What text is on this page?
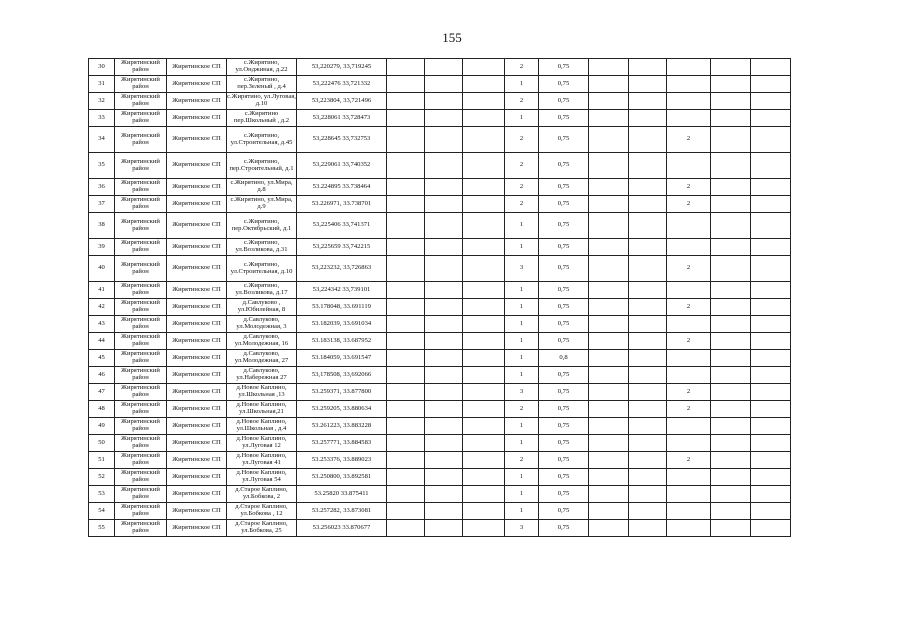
155
30	Жирятинский район	Жирятинское СП	с.Жирятино, ул.Онджиная, д.22	53,220279, 33,719245				2	0,75					
31	Жирятинский район	Жирятинское СП	с.Жирятино, пер.Зеленый , д.4	53,222476 33,721332				1	0,75					
32	Жирятинский район	Жирятинское СП	с.Жирятино, ул.Луговая, д.10	53,223804, 33,721496				2	0,75					
33	Жирятинский район	Жирятинское СП	с.Жирятино пер.Школьный , д.2	53,228061 33,728473				1	0,75					
34	Жирятинский район	Жирятинское СП	с.Жирятино, ул.Строительная, д.45	53,228645 33,732753				2	0,75			2		
35	Жирятинский район	Жирятинское СП	с.Жирятино, пер.Строительный, д.1	53,229061 33,740352				2	0,75					
36	Жирятинский район	Жирятинское СП	с.Жирятино, ул.Мира, д.8	53.224895 33.738464				2	0,75			2		
37	Жирятинский район	Жирятинское СП	с.Жирятино, ул.Мира, д.9	53.226971, 33.738701				2	0,75			2		
38	Жирятинский район	Жирятинское СП	с.Жирятино, пер.Октябрьский, д.1	53,225406 33,741371				1	0,75					
39	Жирятинский район	Жирятинское СП	с.Жирятино, ул.Возликова, д.31	53,225659 33,742215				1	0,75					
40	Жирятинский район	Жирятинское СП	с.Жирятино, ул.Строительная, д.10	53,223232, 33,726863				3	0,75			2		
41	Жирятинский район	Жирятинское СП	с.Жирятино, ул.Возликова, д.17	53,224342 33,739101				1	0,75					
42	Жирятинский район	Жирятинское СП	д.Савлуково , ул.Юбилейная, 8	53.178048, 33.691119				1	0,75			2		
43	Жирятинский район	Жирятинское СП	д.Савлуково, ул.Молодежная, 3	53.182039, 33.691034				1	0,75					
44	Жирятинский район	Жирятинское СП	д.Савлуково, ул.Молодежная, 16	53.183138, 33.687952				1	0,75			2		
45	Жирятинский район	Жирятинское СП	д.Савлуково, ул.Молодежная, 27	53.184059, 33.691547				1	0,8					
46	Жирятинский район	Жирятинское СП	д.Савлуково, ул.Набережная 27	53,178508, 33,692066				1	0,75					
47	Жирятинский район	Жирятинское СП	д.Новое Каплино, ул.Школьная ,13	53.259371, 33.877800				3	0,75			2		
48	Жирятинский район	Жирятинское СП	д.Новое Каплино, ул.Школьная,21	53.259205, 33.880634				2	0,75			2		
49	Жирятинский район	Жирятинское СП	д.Новое Каплино, ул.Школьная , д.4	53.261223, 33.883228				1	0,75					
50	Жирятинский район	Жирятинское СП	д.Новое Каплино, ул.Луговая 12	53.257771, 33.884583				1	0,75					
51	Жирятинский район	Жирятинское СП	д.Новое Каплино, ул.Луговая 41	53.253376, 33.889023				2	0,75			2		
52	Жирятинский район	Жирятинское СП	д.Новое Каплино, ул.Луговая 54	53.250800, 33.892581				1	0,75					
53	Жирятинский район	Жирятинское СП	д.Старое Каплино, ул.Бобкова, 2	53.25820 33.875411				1	0,75					
54	Жирятинский район	Жирятинское СП	д.Старое Каплино, ул.Бобкова , 12	53.257282, 33.873081				1	0,75					
55	Жирятинский район	Жирятинское СП	д.Старое Каплино, ул.Бобкова, 25	53.256023 33.870677				3	0,75					
